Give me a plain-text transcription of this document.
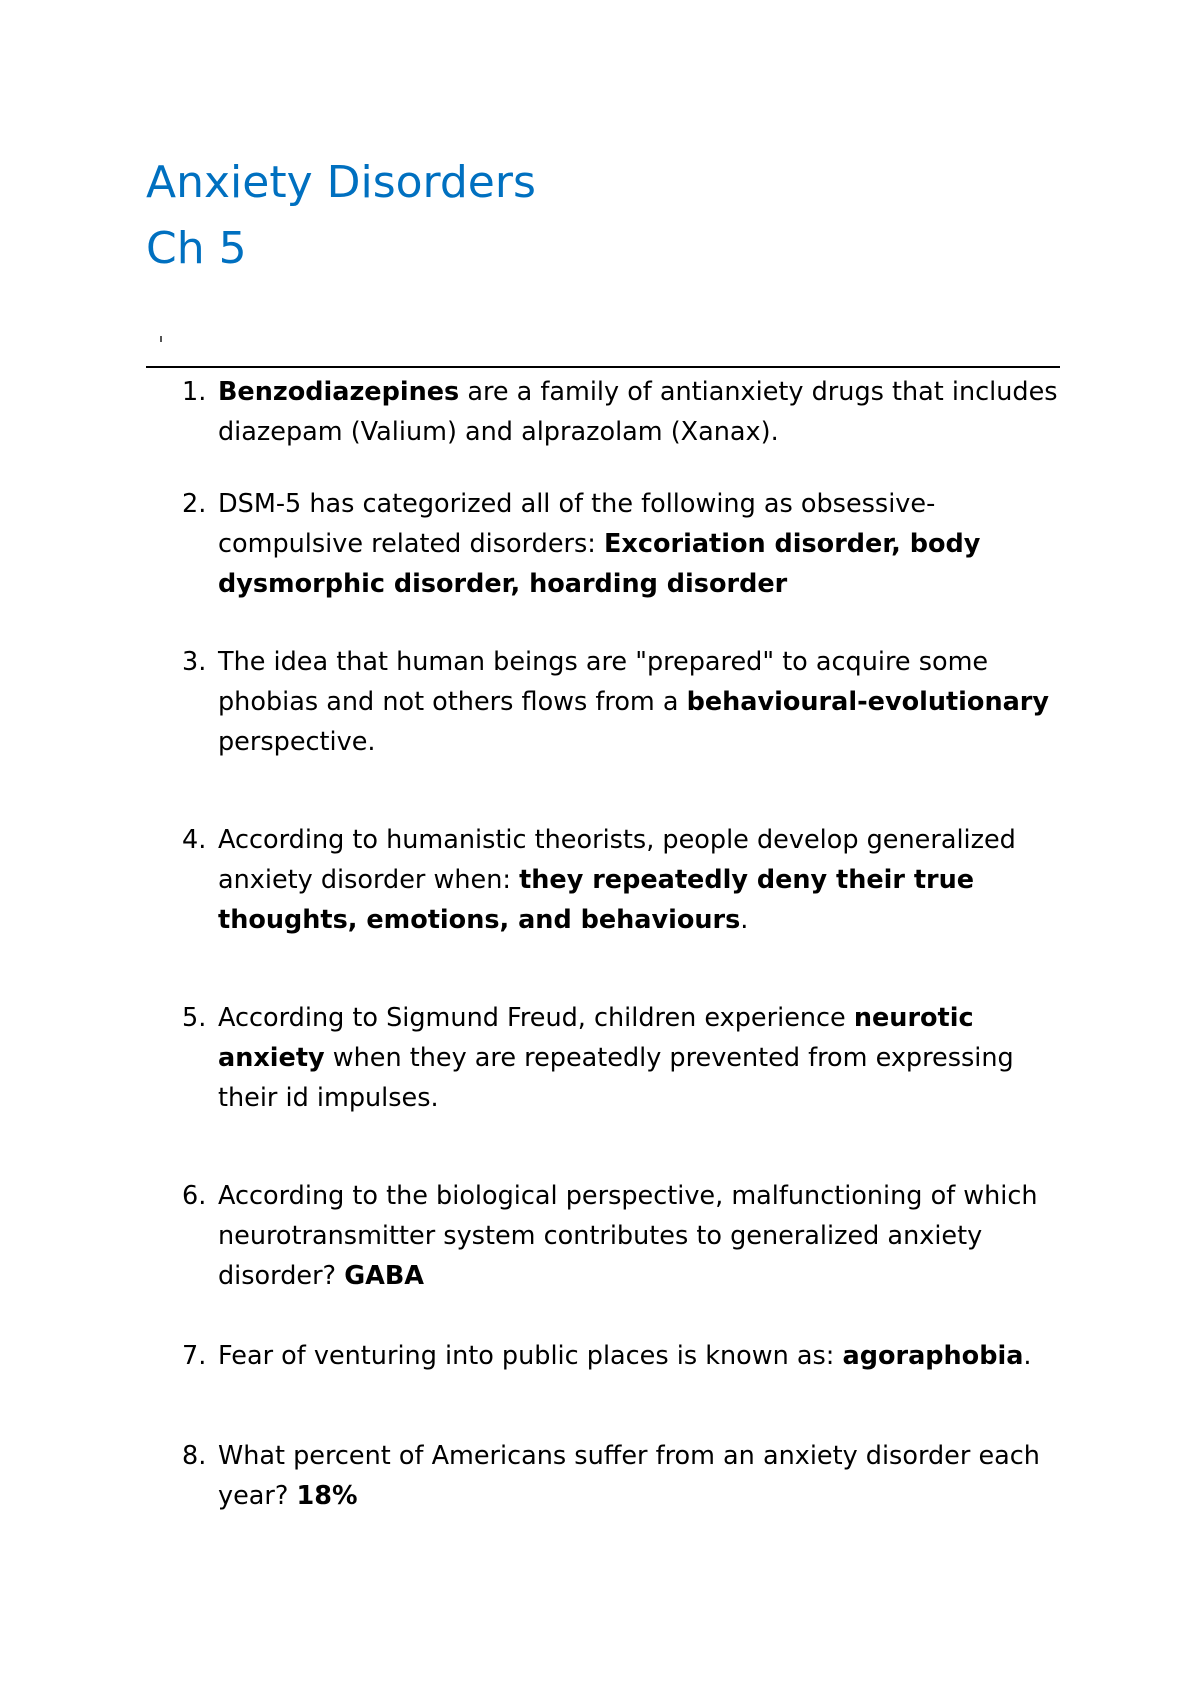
Anxiety Disorders
Ch 5
1. Benzodiazepines are a family of antianxiety drugs that includes diazepam (Valium) and alprazolam (Xanax).
2. DSM-5 has categorized all of the following as obsessive-compulsive related disorders: Excoriation disorder, body dysmorphic disorder, hoarding disorder
3. The idea that human beings are "prepared" to acquire some phobias and not others flows from a behavioural-evolutionary perspective.
4. According to humanistic theorists, people develop generalized anxiety disorder when: they repeatedly deny their true thoughts, emotions, and behaviours.
5. According to Sigmund Freud, children experience neurotic anxiety when they are repeatedly prevented from expressing their id impulses.
6. According to the biological perspective, malfunctioning of which neurotransmitter system contributes to generalized anxiety disorder? GABA
7. Fear of venturing into public places is known as: agoraphobia.
8. What percent of Americans suffer from an anxiety disorder each year? 18%
